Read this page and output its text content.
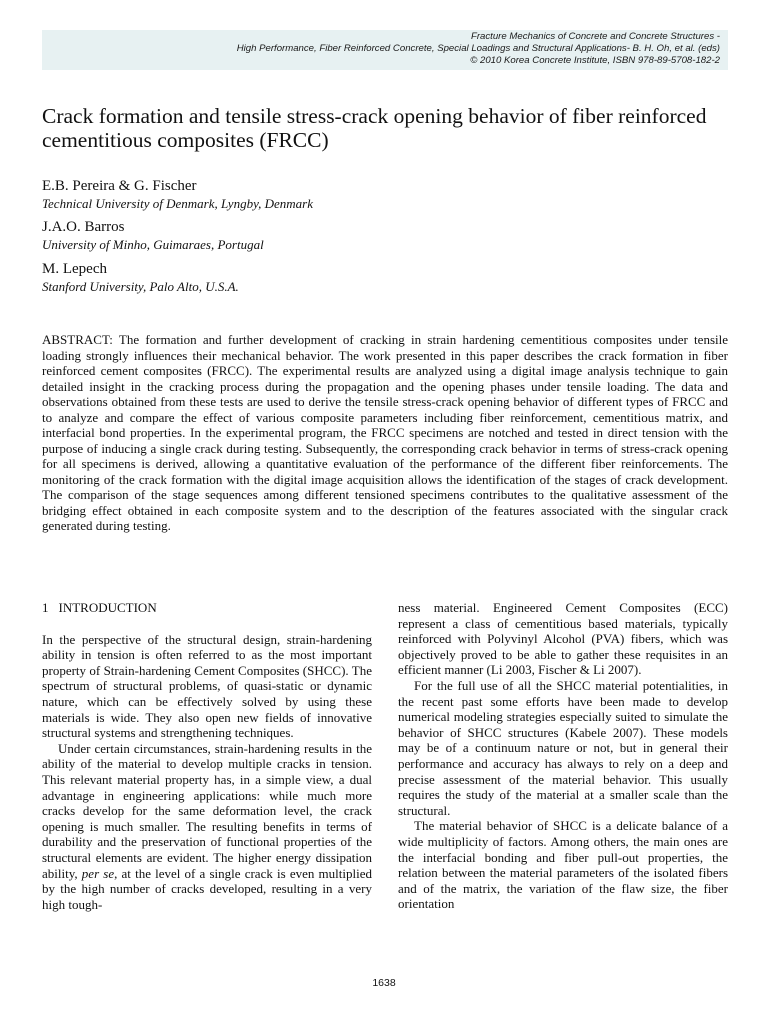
Fracture Mechanics of Concrete and Concrete Structures -
High Performance, Fiber Reinforced Concrete, Special Loadings and Structural Applications- B. H. Oh, et al. (eds)
© 2010 Korea Concrete Institute, ISBN 978-89-5708-182-2
Crack formation and tensile stress-crack opening behavior of fiber reinforced cementitious composites (FRCC)
E.B. Pereira & G. Fischer
Technical University of Denmark, Lyngby, Denmark
J.A.O. Barros
University of Minho, Guimaraes, Portugal
M. Lepech
Stanford University, Palo Alto, U.S.A.

ABSTRACT: The formation and further development of cracking in strain hardening cementitious composites under tensile loading strongly influences their mechanical behavior. The work presented in this paper describes the crack formation in fiber reinforced cement composites (FRCC). The experimental results are analyzed using a digital image analysis technique to gain detailed insight in the cracking process during the propagation and the opening phases under tensile loading. The data and observations obtained from these tests are used to derive the tensile stress-crack opening behavior of different types of FRCC and to analyze and compare the effect of various composite parameters including fiber reinforcement, cementitious matrix, and interfacial bond properties. In the experimental program, the FRCC specimens are notched and tested in direct tension with the purpose of inducing a single crack during testing. Subsequently, the corresponding crack behavior in terms of stress-crack opening for all specimens is derived, allowing a quantitative evaluation of the performance of the different fiber reinforcements. The monitoring of the crack formation with the digital image acquisition allows the identification of the stages of crack development. The comparison of the stage sequences among different tensioned specimens contributes to the qualitative assessment of the bridging effect obtained in each composite system and to the description of the features associated with the singular crack generated during testing.

1 INTRODUCTION

In the perspective of the structural design, strain-hardening ability in tension is often referred to as the most important property of Strain-hardening Cement Composites (SHCC). The spectrum of structural problems, of quasi-static or dynamic nature, which can be effectively solved by using these materials is wide. They also open new fields of innovative structural systems and strengthening techniques.

Under certain circumstances, strain-hardening results in the ability of the material to develop multiple cracks in tension. This relevant material property has, in a simple view, a dual advantage in engineering applications: while much more cracks develop for the same deformation level, the crack opening is much smaller. The resulting benefits in terms of durability and the preservation of functional properties of the structural elements are evident. The higher energy dissipation ability, per se, at the level of a single crack is even multiplied by the high number of cracks developed, resulting in a very high tough-

ness material. Engineered Cement Composites (ECC) represent a class of cementitious based materials, typically reinforced with Polyvinyl Alcohol (PVA) fibers, which was objectively proved to be able to gather these requisites in an efficient manner (Li 2003, Fischer & Li 2007).

For the full use of all the SHCC material potentialities, in the recent past some efforts have been made to develop numerical modeling strategies especially suited to simulate the behavior of SHCC structures (Kabele 2007). These models may be of a continuum nature or not, but in general their performance and accuracy has always to rely on a deep and precise assessment of the material behavior. This usually requires the study of the material at a smaller scale than the structural.

The material behavior of SHCC is a delicate balance of a wide multiplicity of factors. Among others, the main ones are the interfacial bonding and fiber pull-out properties, the relation between the material parameters of the isolated fibers and of the matrix, the variation of the flaw size, the fiber orientation

1638
